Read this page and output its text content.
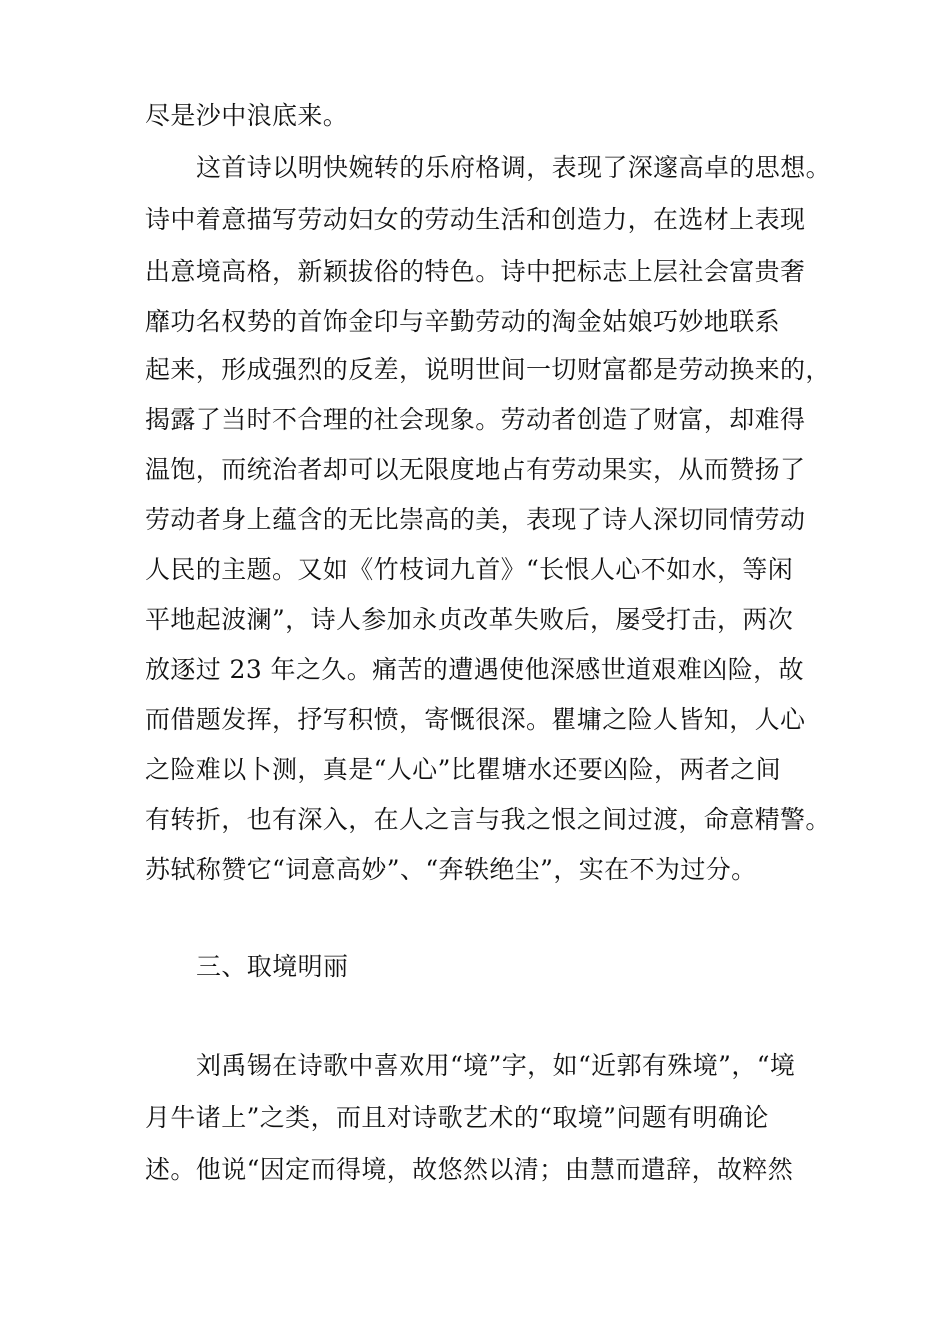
尽是沙中浪底来。
这首诗以明快婉转的乐府格调，表现了深邃高卓的思想。
诗中着意描写劳动妇女的劳动生活和创造力，在选材上表现
出意境高格，新颖拔俗的特色。诗中把标志上层社会富贵奢
靡功名权势的首饰金印与辛勤劳动的淘金姑娘巧妙地联系
起来，形成强烈的反差，说明世间一切财富都是劳动换来的，
揭露了当时不合理的社会现象。劳动者创造了财富，却难得
温饱，而统治者却可以无限度地占有劳动果实，从而赞扬了
劳动者身上蕴含的无比崇高的美，表现了诗人深切同情劳动
人民的主题。又如《竹枝词九首》“长恨人心不如水，等闲
平地起波澜”，诗人参加永贞改革失败后，屡受打击，两次
放逐过 23 年之久。痛苦的遭遇使他深感世道艰难凶险，故
而借题发挥，抒写积愤，寄慨很深。瞿墉之险人皆知，人心
之险难以卜测，真是“人心”比瞿塘水还要凶险，两者之间
有转折，也有深入，在人之言与我之恨之间过渡，命意精警。
苏轼称赞它“词意高妙”、“奔轶绝尘”，实在不为过分。
三、取境明丽
刘禹锡在诗歌中喜欢用“境”字，如“近郭有殊境”，“境
月牛诸上”之类，而且对诗歌艺术的“取境”问题有明确论
述。他说“因定而得境，故悠然以清；由慧而遣辞，故粹然
